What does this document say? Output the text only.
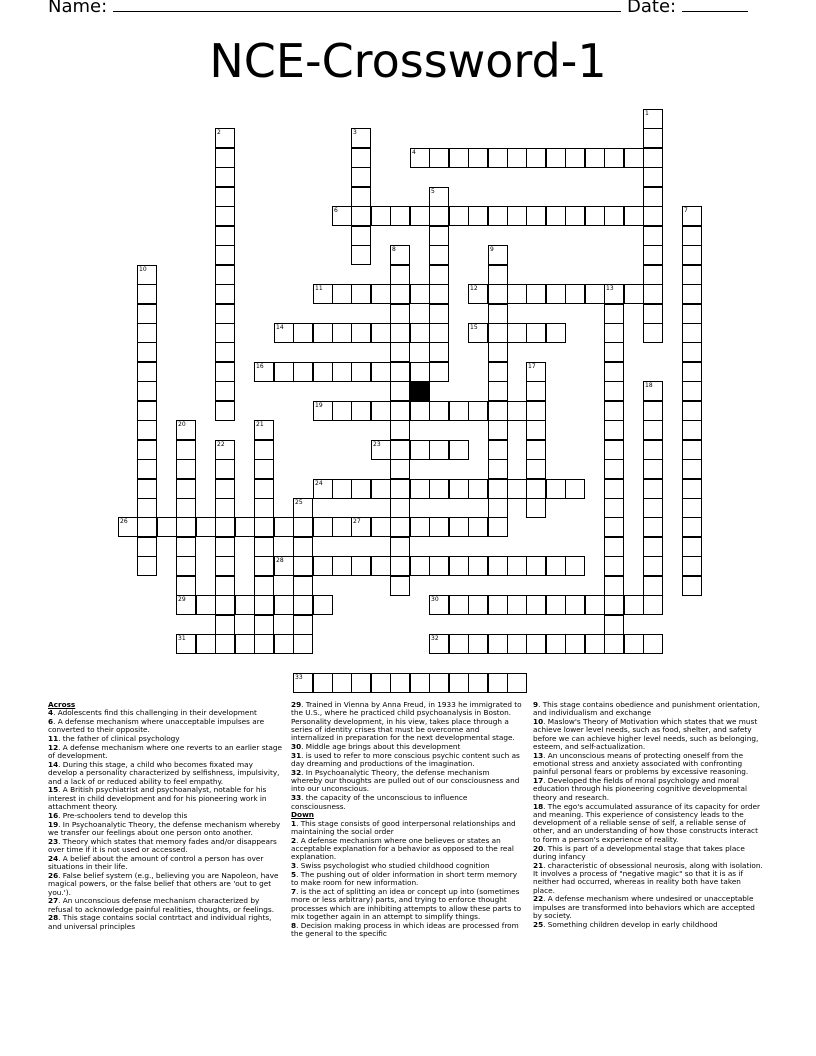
Name:	Date:
NCE-Crossword-1
1
2	3
4
5
6	7
8	9
10
11	12	13
14	15
16	17
18
19
20	21
22	23
24
25
26	27
28
29	30
31	32
33
Across
4. Adolescents find this challenging in their development
6. A defense mechanism where unacceptable impulses are converted to their opposite.
11. the father of clinical psychology
12. A defense mechanism where one reverts to an earlier stage of development.
14. During this stage, a child who becomes fixated may develop a personality characterized by selfishness, impulsivity, and a lack of or reduced ability to feel empathy.
15. A British psychiatrist and psychoanalyst, notable for his interest in child development and for his pioneering work in attachment theory.
16. Pre-schoolers tend to develop this
19. In Psychoanalytic Theory, the defense mechanism whereby we transfer our feelings about one person onto another.
23. Theory which states that memory fades and/or disappears over time if it is not used or accessed.
24. A belief about the amount of control a person has over situations in their life.
26. False belief system (e.g., believing you are Napoleon, have magical powers, or the false belief that others are 'out to get you.').
27. An unconscious defense mechanism characterized by refusal to acknowledge painful realities, thoughts, or feelings.
28. This stage contains social contrtact and individual rights, and universal principles
29. Trained in Vienna by Anna Freud, in 1933 he immigrated to the U.S., where he practiced child psychoanalysis in Boston. Personality development, in his view, takes place through a series of identity crises that must be overcome and internalized in preparation for the next developmental stage.
30. Middle age brings about this development
31. is used to refer to more conscious psychic content such as day dreaming and productions of the imagination.
32. In Psychoanalytic Theory, the defense mechanism whereby our thoughts are pulled out of our consciousness and into our unconscious.
33. the capacity of the unconscious to influence consciousness.
Down
1. This stage consists of good interpersonal relationships and maintaining the social order
2. A defense mechanism where one believes or states an acceptable explanation for a behavior as opposed to the real explanation.
3. Swiss psychologist who studied childhood cognition
5. The pushing out of older information in short term memory to make room for new information.
7. is the act of splitting an idea or concept up into (sometimes more or less arbitrary) parts, and trying to enforce thought processes which are inhibiting attempts to allow these parts to mix together again in an attempt to simplify things.
8. Decision making process in which ideas are processed from the general to the specific
9. This stage contains obedience and punishment orientation, and individualism and exchange
10. Maslow's Theory of Motivation which states that we must achieve lower level needs, such as food, shelter, and safety before we can achieve higher level needs, such as belonging, esteem, and self-actualization.
13. An unconscious means of protecting oneself from the emotional stress and anxiety associated with confronting painful personal fears or problems by excessive reasoning.
17. Developed the fields of moral psychology and moral education through his pioneering cognitive developmental theory and research.
18. The ego's accumulated assurance of its capacity for order and meaning. This experience of consistency leads to the development of a reliable sense of self, a reliable sense of other, and an understanding of how those constructs interact to form a person's experience of reality.
20. This is part of a developmental stage that takes place during infancy
21. characteristic of obsessional neurosis, along with isolation. It involves a process of "negative magic" so that it is as if neither had occurred, whereas in reality both have taken place.
22. A defense mechanism where undesired or unacceptable impulses are transformed into behaviors which are accepted by society.
25. Something children develop in early childhood
